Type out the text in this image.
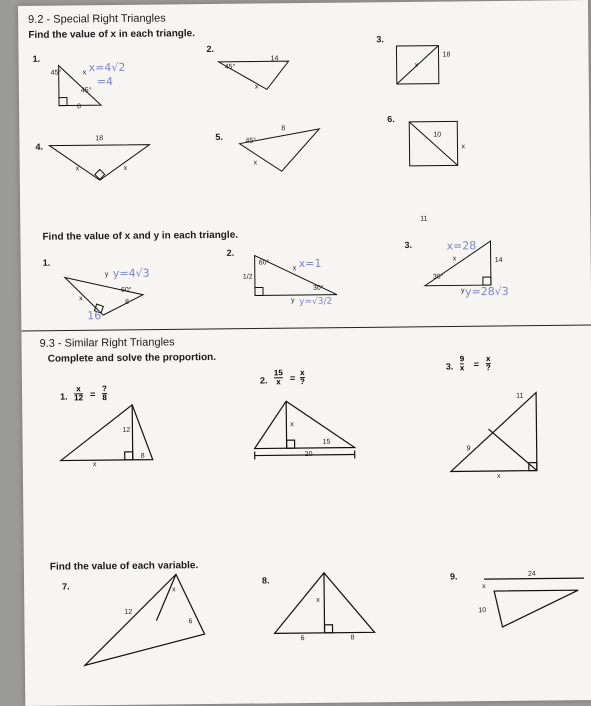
9.2 - Special Right Triangles
Find the value of x in each triangle.
1.
2.
3.
4.
5.
6.
45°
45°
8
x x=4√2
=4
45°
14
x
18
x
18
x	x
45°
8
x
10
x
Find the value of x and y in each triangle.
1.
2.
3.
11
60°
8
x
y y=4√3
16
60°
1/2
30°
x
y
x=1
y=√3/2
30°
14
x
y
x=28
y=28√3
9.3 - Similar Right Triangles
Complete and solve the proportion.
1.
x
12 =
?
8
12
x
8
2.
15
x =
x
?
x
20
15
3.
9
x =
x
?
11
9
x
Find the value of each variable.
7.
12
x
6
8.
x
6	8
9.	24
x
10
